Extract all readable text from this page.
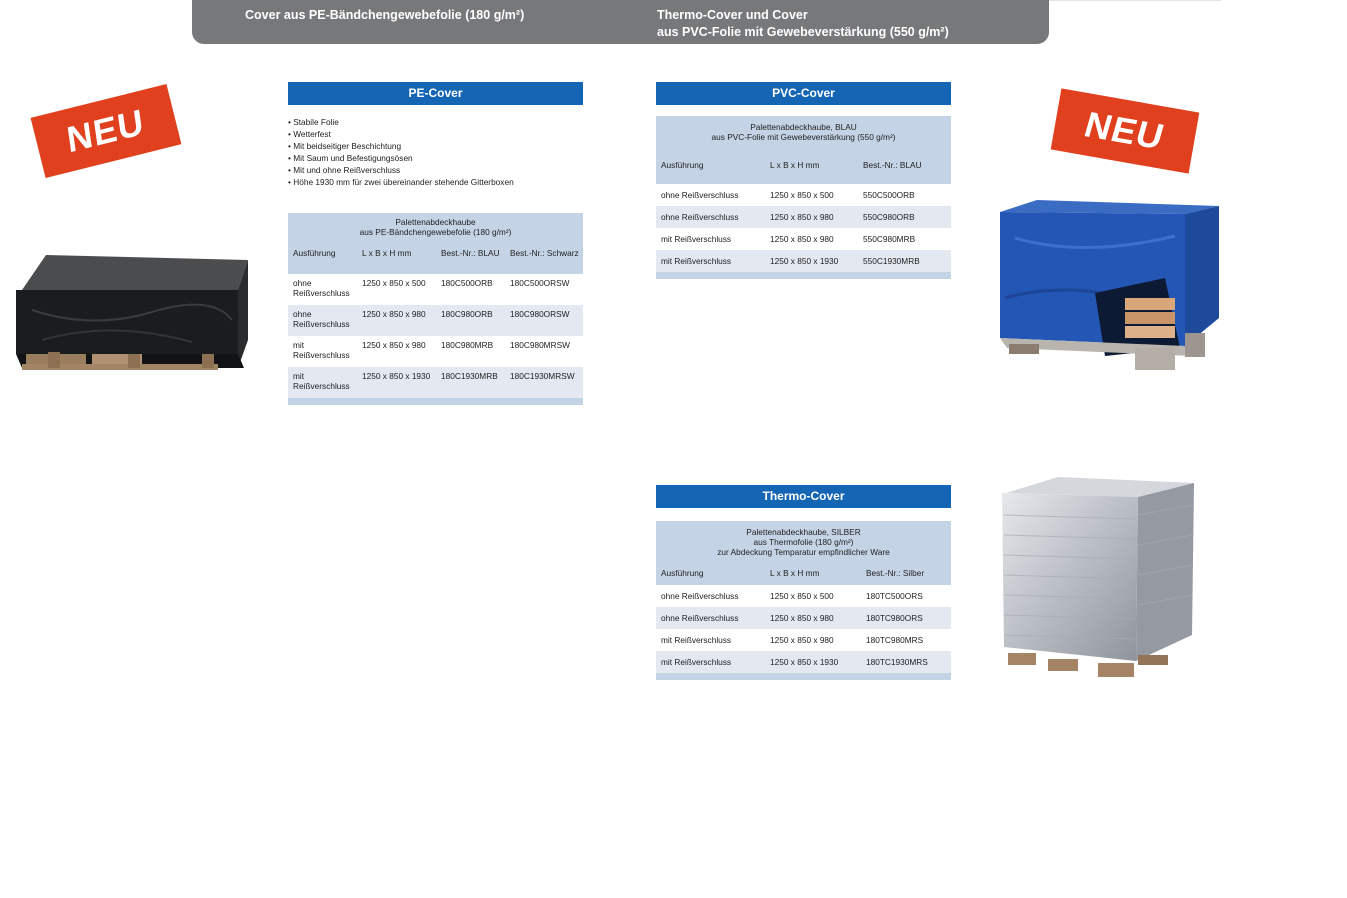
Cover aus PE-Bändchengewebefolie (180 g/m²)	Thermo-Cover und Cover
aus PVC-Folie mit Gewebeverstärkung (550 g/m²)
NEU	NEU
PE-Cover
• Stabile Folie
• Wetterfest
• Mit beidseitiger Beschichtung
• Mit Saum und Befestigungsösen
• Mit und ohne Reißverschluss
• Höhe 1930 mm für zwei übereinander stehende Gitterboxen
Palettenabdeckhaube
aus PE-Bändchengewebefolie (180 g/m²)			

Ausführung	L x B x H mm	Best.-Nr.: BLAU	Best.-Nr.: Schwarz
ohne Reißverschluss	1250 x 850 x 500	180C500ORB	180C500ORSW
ohne Reißverschluss	1250 x 850 x 980	180C980ORB	180C980ORSW
mit Reißverschluss	1250 x 850 x 980	180C980MRB	180C980MRSW
mit Reißverschluss	1250 x 850 x 1930	180C1930MRB	180C1930MRSW

PVC-Cover
Palettenabdeckhaube, BLAU
aus PVC-Folie mit Gewebeverstärkung (550 g/m²)		

Ausführung	L x B x H mm	Best.-Nr.: BLAU
ohne Reißverschluss	1250 x 850 x 500	550C500ORB
ohne Reißverschluss	1250 x 850 x 980	550C980ORB
mit Reißverschluss	1250 x 850 x 980	550C980MRB
mit Reißverschluss	1250 x 850 x 1930	550C1930MRB

Thermo-Cover
Palettenabdeckhaube, SILBER
aus Thermofolie (180 g/m²)
zur Abdeckung Temparatur empfindlicher Ware		

Ausführung	L x B x H mm	Best.-Nr.: Silber
ohne Reißverschluss	1250 x 850 x 500	180TC500ORS
ohne Reißverschluss	1250 x 850 x 980	180TC980ORS
mit Reißverschluss	1250 x 850 x 980	180TC980MRS
mit Reißverschluss	1250 x 850 x 1930	180TC1930MRS
